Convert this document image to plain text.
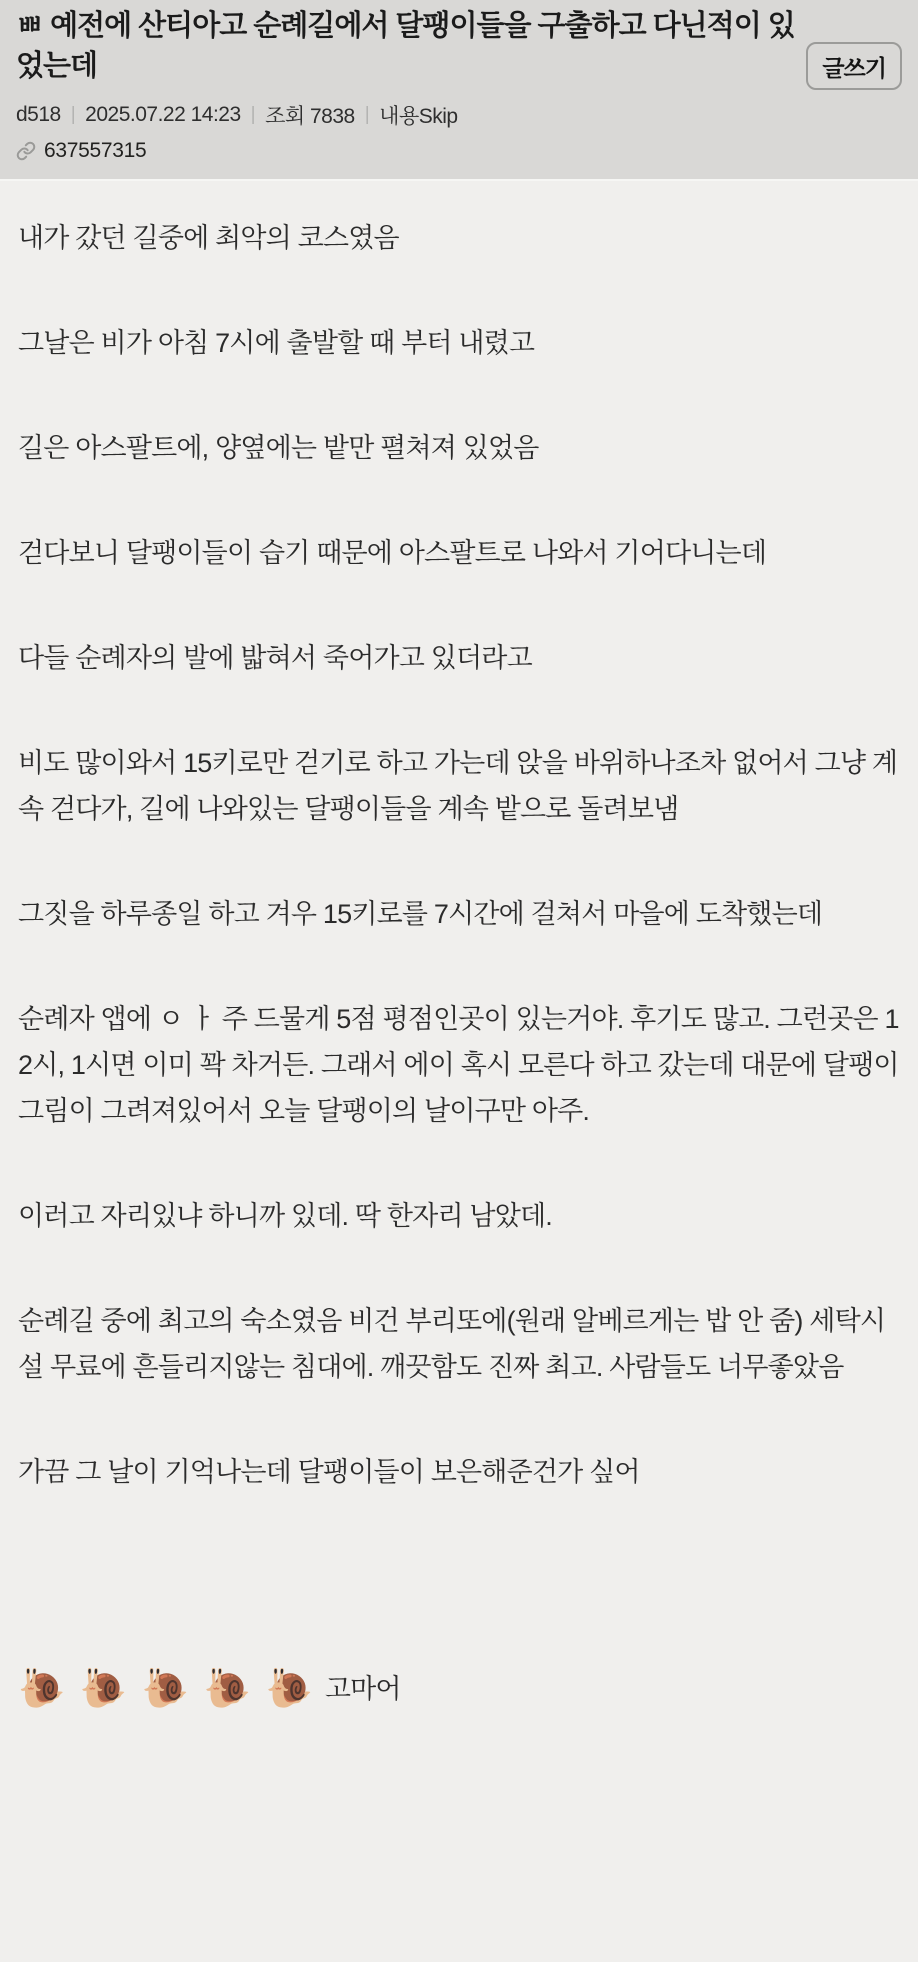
ㅃ 예전에 산티아고 순례길에서 달팽이들을 구출하고 다닌적이 있었는데	글쓰기
d518 | 2025.07.22 14:23 | 조회 7838 | 내용Skip
637557315

내가 갔던 길중에 최악의 코스였음

그날은 비가 아침 7시에 출발할 때 부터 내렸고

길은 아스팔트에, 양옆에는 밭만 펼쳐져 있었음

걷다보니 달팽이들이 습기 때문에 아스팔트로 나와서 기어다니는데

다들 순례자의 발에 밟혀서 죽어가고 있더라고

비도 많이와서 15키로만 걷기로 하고 가는데 앉을 바위하나조차 없어서 그냥 계속 걷다가, 길에 나와있는 달팽이들을 계속 밭으로 돌려보냄

그짓을 하루종일 하고 겨우 15키로를 7시간에 걸쳐서 마을에 도착했는데

순례자 앱에 ㅇ ㅏ 주 드물게 5점 평점인곳이 있는거야. 후기도 많고. 그런곳은 12시, 1시면 이미 꽉 차거든. 그래서 에이 혹시 모른다 하고 갔는데 대문에 달팽이 그림이 그려져있어서 오늘 달팽이의 날이구만 아주.

이러고 자리있냐 하니까 있데. 딱 한자리 남았데.

순례길 중에 최고의 숙소였음 비건 부리또에(원래 알베르게는 밥 안 줌) 세탁시설 무료에 흔들리지않는 침대에. 깨끗함도 진짜 최고. 사람들도 너무좋았음

가끔 그 날이 기억나는데 달팽이들이 보은해준건가 싶어

🐌 🐌 🐌 🐌 🐌 고마어
